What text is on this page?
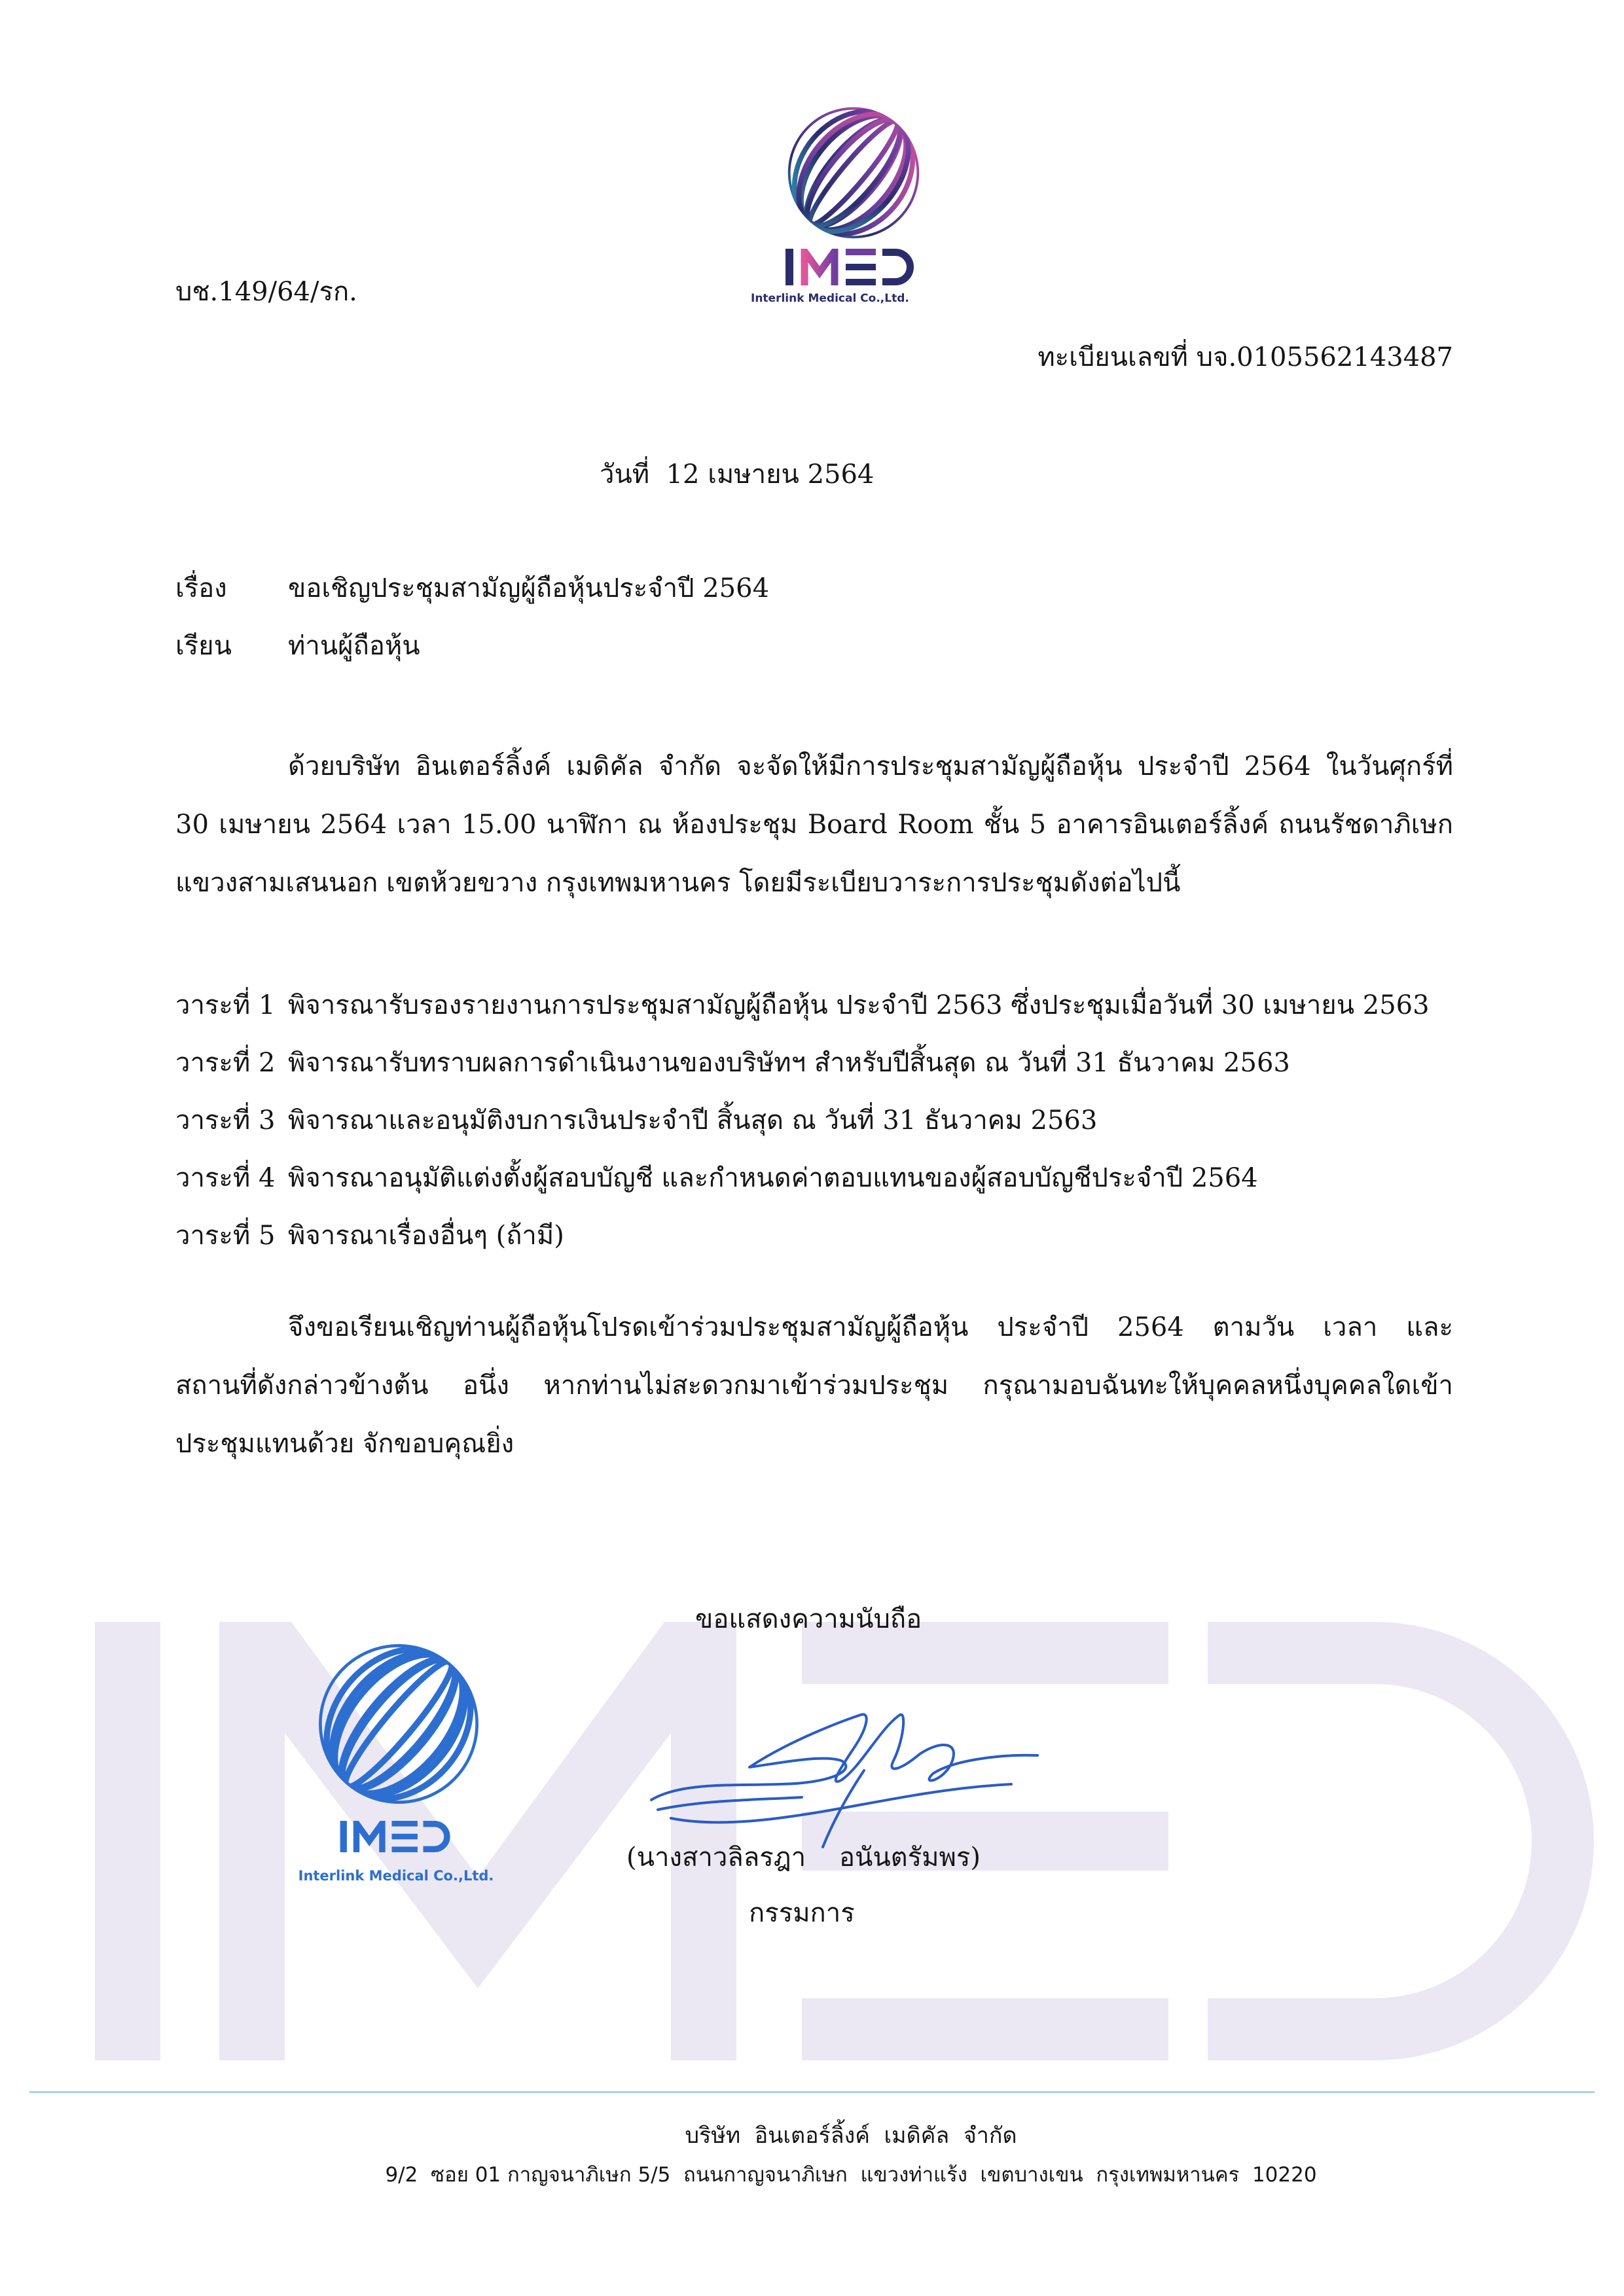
Interlink Medical Co.,Ltd.
บช.149/64/รก.
ทะเบียนเลขที่ บจ.0105562143487
วันที่  12 เมษายน 2564
เรื่อง ขอเชิญประชุมสามัญผู้ถือหุ้นประจำปี 2564
เรียน ท่านผู้ถือหุ้น
ด้วยบริษัท อินเตอร์ลิ้งค์ เมดิคัล จำกัด จะจัดให้มีการประชุมสามัญผู้ถือหุ้น ประจำปี 2564 ในวันศุกร์ที่
30 เมษายน 2564 เวลา 15.00 นาฬิกา ณ ห้องประชุม Board Room ชั้น 5 อาคารอินเตอร์ลิ้งค์ ถนนรัชดาภิเษก
แขวงสามเสนนอก เขตห้วยขวาง กรุงเทพมหานคร โดยมีระเบียบวาระการประชุมดังต่อไปนี้
วาระที่ 1 พิจารณารับรองรายงานการประชุมสามัญผู้ถือหุ้น ประจำปี 2563 ซึ่งประชุมเมื่อวันที่ 30 เมษายน 2563
วาระที่ 2 พิจารณารับทราบผลการดำเนินงานของบริษัทฯ สำหรับปีสิ้นสุด ณ วันที่ 31 ธันวาคม 2563
วาระที่ 3 พิจารณาและอนุมัติงบการเงินประจำปี สิ้นสุด ณ วันที่ 31 ธันวาคม 2563
วาระที่ 4 พิจารณาอนุมัติแต่งตั้งผู้สอบบัญชี และกำหนดค่าตอบแทนของผู้สอบบัญชีประจำปี 2564
วาระที่ 5 พิจารณาเรื่องอื่นๆ (ถ้ามี)
จึงขอเรียนเชิญท่านผู้ถือหุ้นโปรดเข้าร่วมประชุมสามัญผู้ถือหุ้น ประจำปี 2564 ตามวัน เวลา และ
สถานที่ดังกล่าวข้างต้น อนึ่ง หากท่านไม่สะดวกมาเข้าร่วมประชุม กรุณามอบฉันทะให้บุคคลหนึ่งบุคคลใดเข้า
ประชุมแทนด้วย จักขอบคุณยิ่ง
ขอแสดงความนับถือ
Interlink Medical Co.,Ltd.
(นางสาวลิลรฎา    อนันตรัมพร)
กรรมการ
บริษัท  อินเตอร์ลิ้งค์  เมดิคัล  จำกัด
9/2  ซอย 01 กาญจนาภิเษก 5/5  ถนนกาญจนาภิเษก  แขวงท่าแร้ง  เขตบางเขน  กรุงเทพมหานคร  10220
